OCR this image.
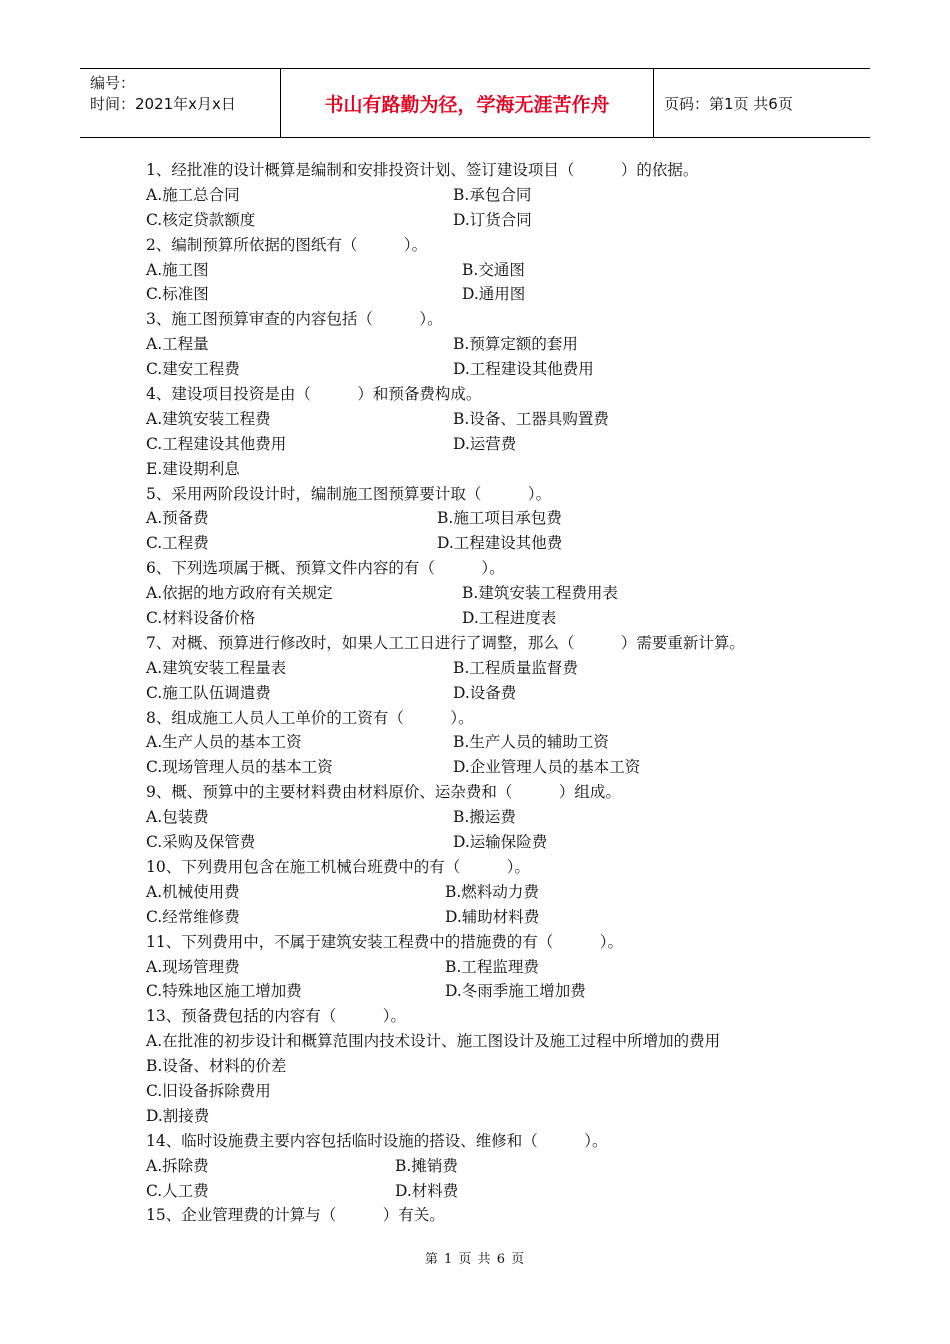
编号：
时间：2021年x月x日	书山有路勤为径，学海无涯苦作舟	页码：第1页 共6页
1、经批准的设计概算是编制和安排投资计划、签订建设项目（　　　）的依据。
A.施工总合同	B.承包合同
C.核定贷款额度	D.订货合同
2、编制预算所依据的图纸有（　　　）。
A.施工图	B.交通图
C.标准图	D.通用图
3、施工图预算审查的内容包括（　　　）。
A.工程量	B.预算定额的套用
C.建安工程费	D.工程建设其他费用
4、建设项目投资是由（　　　）和预备费构成。
A.建筑安装工程费	B.设备、工器具购置费
C.工程建设其他费用	D.运营费
E.建设期利息
5、采用两阶段设计时，编制施工图预算要计取（　　　）。
A.预备费	B.施工项目承包费
C.工程费	D.工程建设其他费
6、下列选项属于概、预算文件内容的有（　　　）。
A.依据的地方政府有关规定	B.建筑安装工程费用表
C.材料设备价格	D.工程进度表
7、对概、预算进行修改时，如果人工工日进行了调整，那么（　　　）需要重新计算。
A.建筑安装工程量表	B.工程质量监督费
C.施工队伍调遣费	D.设备费
8、组成施工人员人工单价的工资有（　　　）。
A.生产人员的基本工资	B.生产人员的辅助工资
C.现场管理人员的基本工资	D.企业管理人员的基本工资
9、概、预算中的主要材料费由材料原价、运杂费和（　　　）组成。
A.包装费	B.搬运费
C.采购及保管费	D.运输保险费
10、下列费用包含在施工机械台班费中的有（　　　）。
A.机械使用费	B.燃料动力费
C.经常维修费	D.辅助材料费
11、下列费用中，不属于建筑安装工程费中的措施费的有（　　　）。
A.现场管理费	B.工程监理费
C.特殊地区施工增加费	D.冬雨季施工增加费
13、预备费包括的内容有（　　　）。
A.在批准的初步设计和概算范围内技术设计、施工图设计及施工过程中所增加的费用
B.设备、材料的价差
C.旧设备拆除费用
D.割接费
14、临时设施费主要内容包括临时设施的搭设、维修和（　　　）。
A.拆除费	B.摊销费
C.人工费	D.材料费
15、企业管理费的计算与（　　　）有关。
第 1 页 共 6 页
